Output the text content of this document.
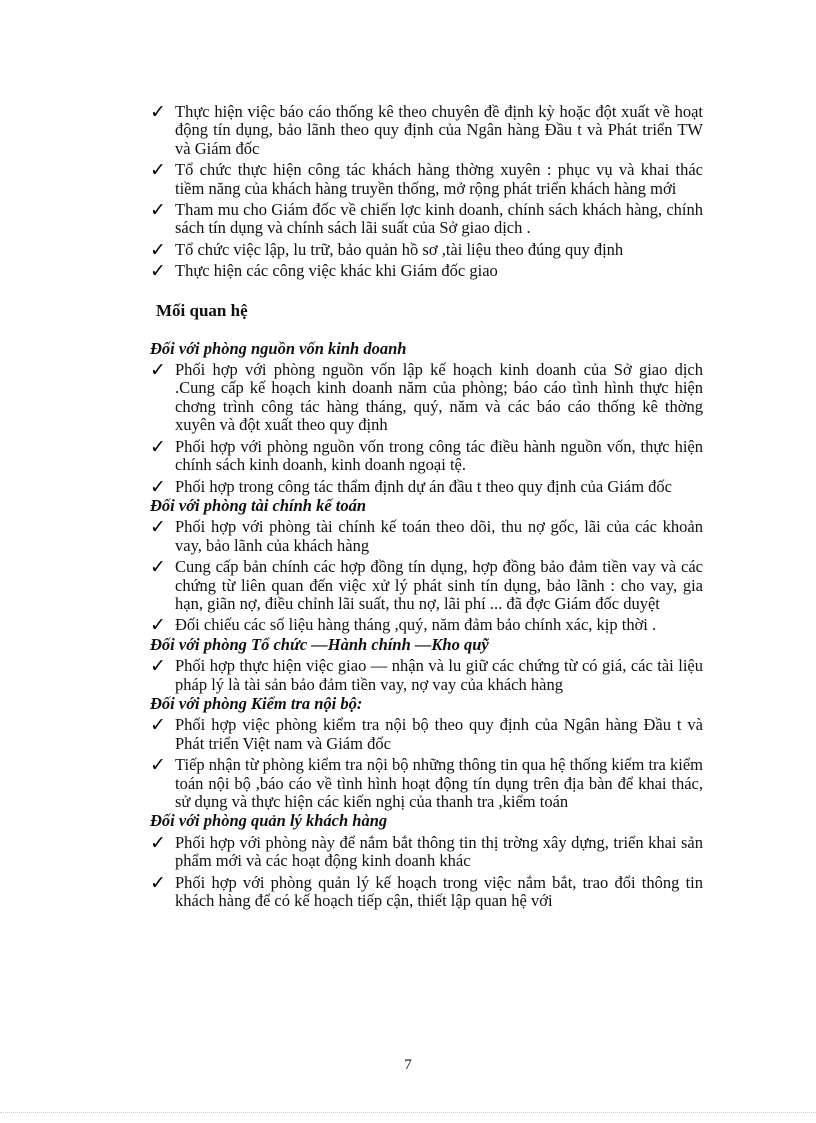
✓ Thực hiện việc báo cáo thống kê theo chuyên đề định kỳ hoặc đột xuất về hoạt động tín dụng, bảo lãnh theo quy định của Ngân hàng Đầu t và Phát triển TW và Giám đốc
✓ Tổ chức thực hiện công tác khách hàng thờng xuyên : phục vụ và khai thác tiềm năng của khách hàng truyền thống, mở rộng phát triển khách hàng mới
✓ Tham mu cho Giám đốc về chiến lợc kinh doanh, chính sách khách hàng, chính sách tín dụng và chính sách lãi suất của Sở giao dịch .
✓ Tổ chức việc lập, lu trữ, bảo quản hồ sơ ,tài liệu theo đúng quy định
✓ Thực hiện các công việc khác khi Giám đốc giao
Mối quan hệ
Đối với phòng nguồn vốn kinh doanh
✓ Phối hợp với phòng nguồn vốn lập kế hoạch kinh doanh của Sở giao dịch .Cung cấp kế hoạch kinh doanh năm của phòng; báo cáo tình hình thực hiện chơng trình công tác hàng tháng, quý, năm và các báo cáo thống kê thờng xuyên và đột xuất theo quy định
✓ Phối hợp với phòng nguồn vốn trong công tác điều hành nguồn vốn, thực hiện chính sách kinh doanh, kinh doanh ngoại tệ.
✓ Phối hợp trong công tác thẩm định dự án đầu t theo quy định của Giám đốc
Đối với phòng tài chính kế toán
✓ Phối hợp với phòng tài chính kế toán theo dõi, thu nợ gốc, lãi của các khoản vay, bảo lãnh của khách hàng
✓ Cung cấp bản chính các hợp đồng tín dụng, hợp đồng bảo đảm tiền vay và các chứng từ liên quan đến việc xử lý phát sinh tín dụng, bảo lãnh : cho vay, gia hạn, giãn nợ, điều chỉnh lãi suất, thu nợ, lãi phí ... đã đợc Giám đốc duyệt
✓ Đối chiếu các số liệu hàng tháng ,quý, năm đảm bảo chính xác, kịp thời .
Đối với phòng Tổ chức —Hành chính —Kho quỹ
✓ Phối hợp thực hiện việc giao — nhận và lu giữ các chứng từ có giá, các tài liệu pháp lý là tài sản bảo đảm tiền vay, nợ vay của khách hàng
Đối với phòng Kiểm tra nội bộ:
✓ Phối hợp việc phòng kiểm tra nội bộ theo quy định của Ngân hàng Đầu t và Phát triển Việt nam và Giám đốc
✓ Tiếp nhận từ phòng kiểm tra nội bộ những thông tin qua hệ thống kiểm tra kiểm toán nội bộ ,báo cáo về tình hình hoạt động tín dụng trên địa bàn để khai thác, sử dụng và thực hiện các kiến nghị của thanh tra ,kiểm toán
Đối với phòng quản lý khách hàng
✓ Phối hợp với phòng này để nắm bắt thông tin thị trờng xây dựng, triển khai sản phẩm mới và các hoạt động kinh doanh khác
✓ Phối hợp với phòng quản lý kế hoạch trong việc nắm bắt, trao đổi thông tin khách hàng để có kế hoạch tiếp cận, thiết lập quan hệ với
7
